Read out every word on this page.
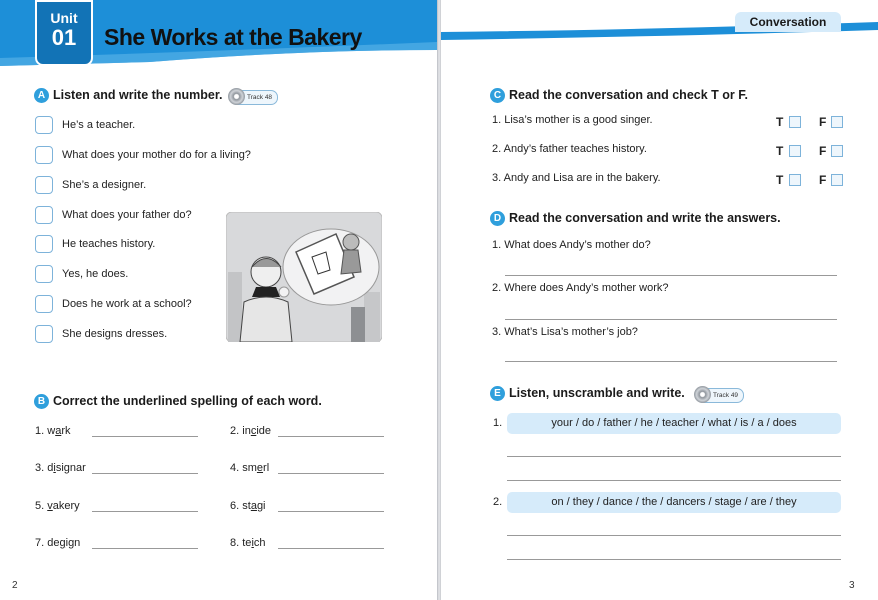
Unit
01	She Works at the Bakery
A Listen and write the number.	Track 48
He’s a teacher.
What does your mother do for a living?
She’s a designer.
What does your father do?
He teaches history.
Yes, he does.
Does he work at a school?
She designs dresses.
B Correct the underlined spelling of each word.
1. wark	2. incide
3. disignar	4. smerl
5. vakery	6. stagi
7. degign	8. teich
2
Conversation
C Read the conversation and check T or F.
1. Lisa’s mother is a good singer.	T	F
2. Andy’s father teaches history.	T	F
3. Andy and Lisa are in the bakery.	T	F
D Read the conversation and write the answers.
1. What does Andy’s mother do?
2. Where does Andy’s mother work?
3. What’s Lisa’s mother’s job?
E Listen, unscramble and write.	Track 49
1.	your / do / father / he / teacher / what / is / a / does
2.	on / they / dance / the / dancers / stage / are / they
3
